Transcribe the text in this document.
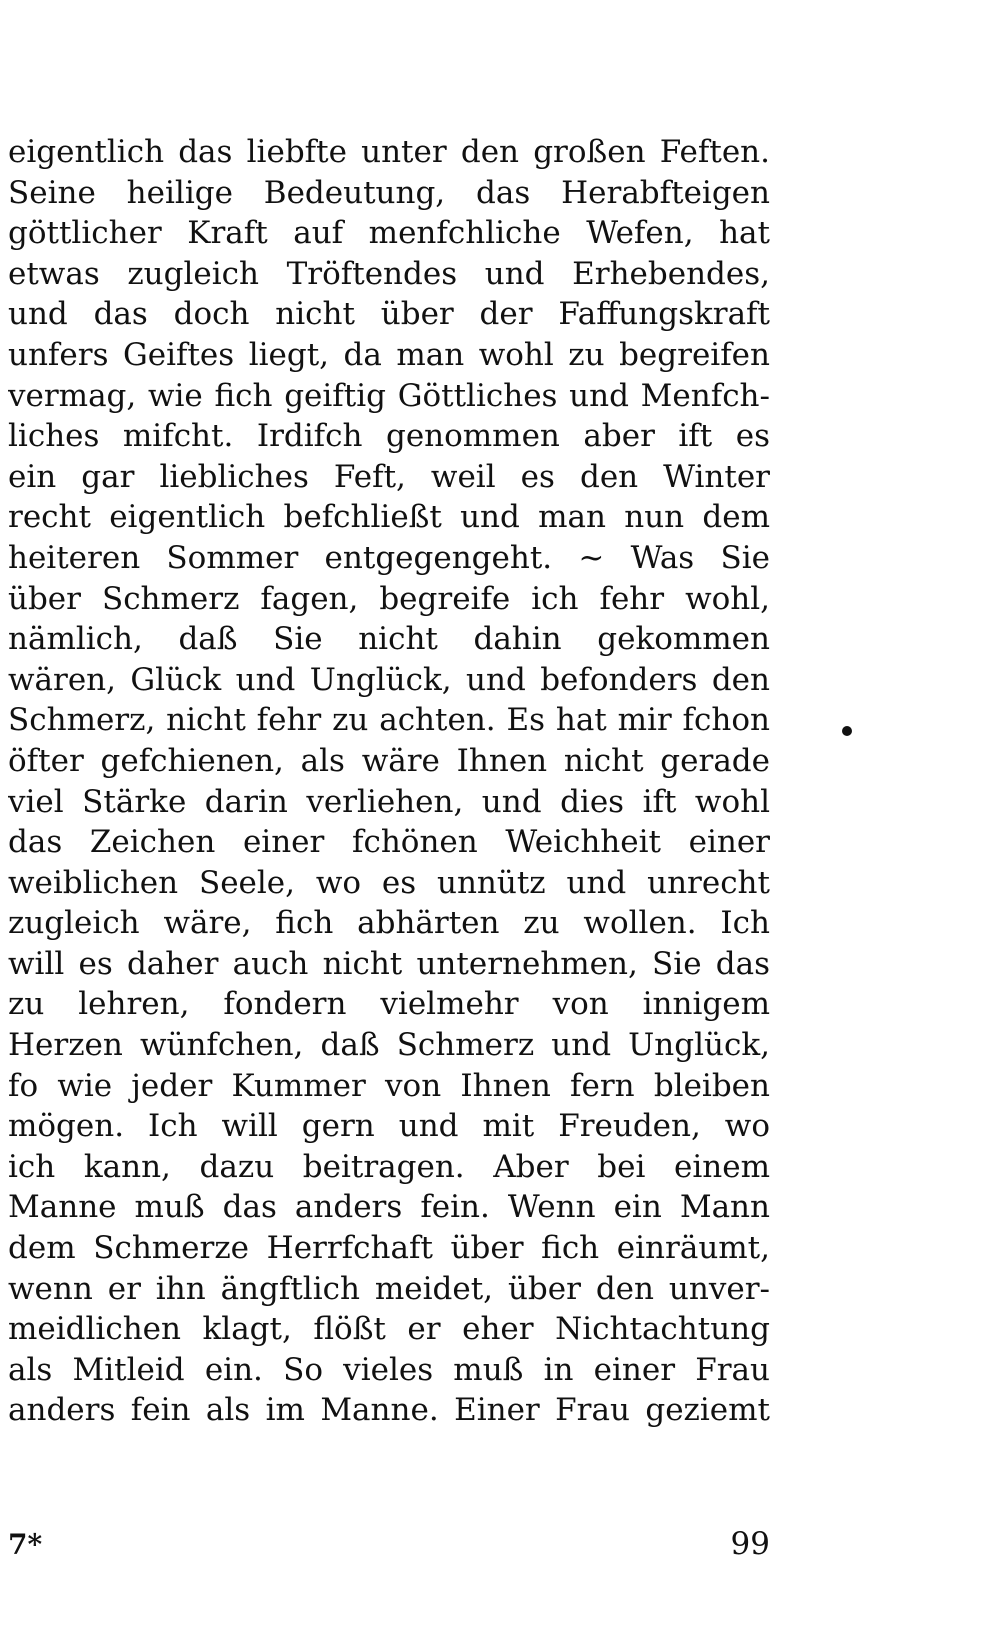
eigentlich das liebfte unter den großen Feften.
Seine heilige Bedeutung, das Herabfteigen
göttlicher Kraft auf menfchliche Wefen, hat
etwas zugleich Tröftendes und Erhebendes,
und das doch nicht über der Faffungskraft
unfers Geiftes liegt, da man wohl zu begreifen
vermag, wie fich geiftig Göttliches und Menfch-
liches mifcht. Irdifch genommen aber ift es
ein gar liebliches Feft, weil es den Winter
recht eigentlich befchließt und man nun dem
heiteren Sommer entgegengeht. ~ Was Sie
über Schmerz fagen, begreife ich fehr wohl,
nämlich, daß Sie nicht dahin gekommen
wären, Glück und Unglück, und befonders den
Schmerz, nicht fehr zu achten. Es hat mir fchon
öfter gefchienen, als wäre Ihnen nicht gerade
viel Stärke darin verliehen, und dies ift wohl
das Zeichen einer fchönen Weichheit einer
weiblichen Seele, wo es unnütz und unrecht
zugleich wäre, fich abhärten zu wollen. Ich
will es daher auch nicht unternehmen, Sie das
zu lehren, fondern vielmehr von innigem
Herzen wünfchen, daß Schmerz und Unglück,
fo wie jeder Kummer von Ihnen fern bleiben
mögen. Ich will gern und mit Freuden, wo
ich kann, dazu beitragen. Aber bei einem
Manne muß das anders fein. Wenn ein Mann
dem Schmerze Herrfchaft über fich einräumt,
wenn er ihn ängftlich meidet, über den unver-
meidlichen klagt, flößt er eher Nichtachtung
als Mitleid ein. So vieles muß in einer Frau
anders fein als im Manne. Einer Frau geziemt
7*	99
